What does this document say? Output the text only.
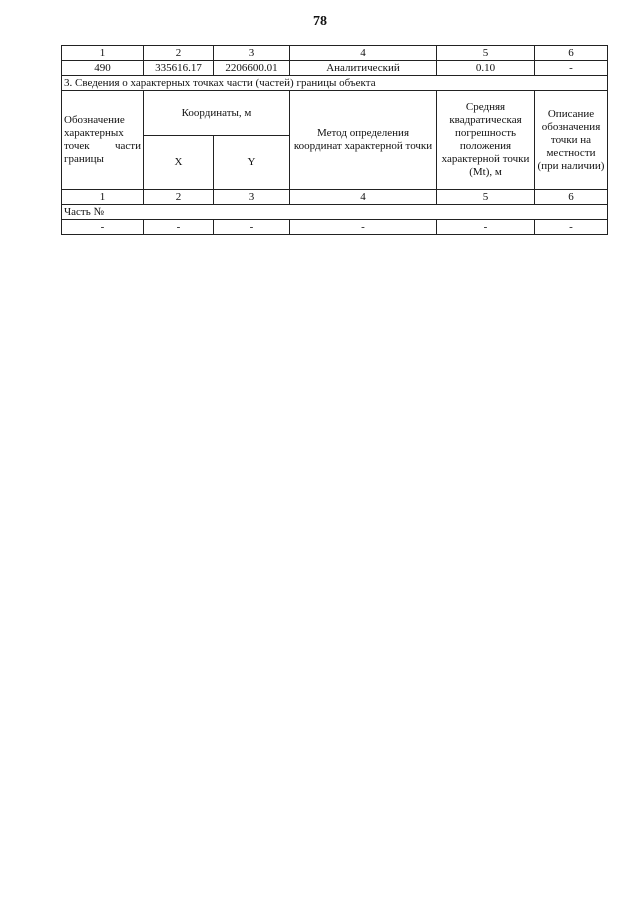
78
1	2	3	4	5	6
490	335616.17	2206600.01	Аналитический	0.10	-
3. Сведения о характерных точках части (частей) границы объекта					
Обозначение характерных точек части границы	Координаты, м		Метод определения координат характерной точки	Средняя квадратическая погрешность положения характерной точки (Mt), м	Описание обозначения точки на местности (при наличии)
	X	Y			
1	2	3	4	5	6
Часть №					
-	-	-	-	-	-
